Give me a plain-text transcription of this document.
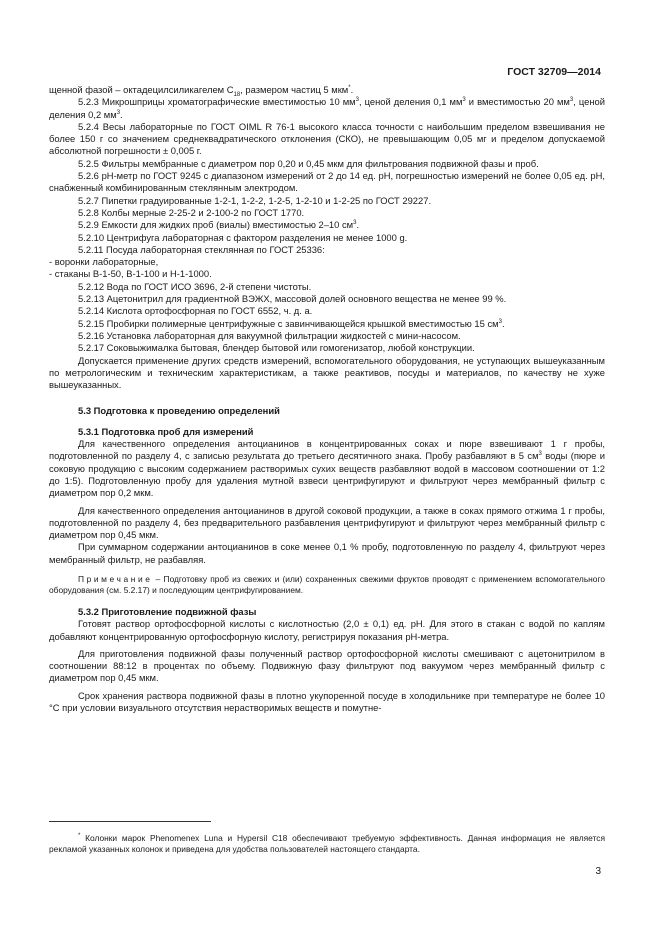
ГОСТ 32709—2014

щенной фазой – октадецилсиликагелем $С_{18}$, размером частиц 5 мкм*.

5.2.3 Микрошприцы хроматографические вместимостью 10 $мм^3$, ценой деления 0,1 $мм^3$ и вместимостью 20 $мм^3$, ценой деления 0,2 $мм^3$.

5.2.4 Весы лабораторные по ГОСТ OIML R 76-1 высокого класса точности с наибольшим пределом взвешивания не более 150 г со значением среднеквадратического отклонения (СКО), не превышающим 0,05 мг и пределом допускаемой абсолютной погрешности ± 0,005 г.

5.2.5 Фильтры мембранные с диаметром пор 0,20 и 0,45 мкм для фильтрования подвижной фазы и проб.

5.2.6 рН-метр по ГОСТ 9245 с диапазоном измерений от 2 до 14 ед. рН, погрешностью измерений не более 0,05 ед. рН, снабженный комбинированным стеклянным электродом.

5.2.7 Пипетки градуированные 1-2-1, 1-2-2, 1-2-5, 1-2-10 и 1-2-25 по ГОСТ 29227.

5.2.8 Колбы мерные 2-25-2 и 2-100-2 по ГОСТ 1770.

5.2.9 Емкости для жидких проб (виалы) вместимостью 2–10 $см^3$.

5.2.10 Центрифуга лабораторная с фактором разделения не менее 1000 g.

5.2.11 Посуда лабораторная стеклянная по ГОСТ 25336:

- воронки лабораторные,

- стаканы В-1-50, В-1-100 и Н-1-1000.

5.2.12 Вода по ГОСТ ИСО 3696, 2-й степени чистоты.

5.2.13 Ацетонитрил для градиентной ВЭЖХ, массовой долей основного вещества не менее 99 %.

5.2.14 Кислота ортофосфорная по ГОСТ 6552, ч. д. а.

5.2.15 Пробирки полимерные центрифужные с завинчивающейся крышкой вместимостью 15 $см^3$.

5.2.16 Установка лабораторная для вакуумной фильтрации жидкостей с мини-насосом.

5.2.17 Соковыжималка бытовая, блендер бытовой или гомогенизатор, любой конструкции.

Допускается применение других средств измерений, вспомогательного оборудования, не уступающих вышеуказанным по метрологическим и техническим характеристикам, а также реактивов, посуды и материалов, по качеству не хуже вышеуказанных.

5.3 Подготовка к проведению определений

5.3.1 Подготовка проб для измерений

Для качественного определения антоцианинов в концентрированных соках и пюре взвешивают 1 г пробы, подготовленной по разделу 4, с записью результата до третьего десятичного знака. Пробу разбавляют в 5 $см^3$ воды (пюре и соковую продукцию с высоким содержанием растворимых сухих веществ разбавляют водой в массовом соотношении от 1:2 до 1:5). Подготовленную пробу для удаления мутной взвеси центрифугируют и фильтруют через мембранный фильтр с диаметром пор 0,2 мкм.

Для качественного определения антоцианинов в другой соковой продукции, а также в соках прямого отжима 1 г пробы, подготовленной по разделу 4, без предварительного разбавления центрифугируют и фильтруют через мембранный фильтр с диаметром пор 0,45 мкм.

При суммарном содержании антоцианинов в соке менее 0,1 % пробу, подготовленную по разделу 4, фильтруют через мембранный фильтр, не разбавляя.

Примечание – Подготовку проб из свежих и (или) сохраненных свежими фруктов проводят с применением вспомогательного оборудования (см. 5.2.17) и последующим центрифугированием.

5.3.2 Приготовление подвижной фазы

Готовят раствор ортофосфорной кислоты с кислотностью (2,0 ± 0,1) ед. рН. Для этого в стакан с водой по каплям добавляют концентрированную ортофосфорную кислоту, регистрируя показания рН-метра.

Для приготовления подвижной фазы полученный раствор ортофосфорной кислоты смешивают с ацетонитрилом в соотношении 88:12 в процентах по объему. Подвижную фазу фильтруют под вакуумом через мембранный фильтр с диаметром пор 0,45 мкм.

Срок хранения раствора подвижной фазы в плотно укупоренной посуде в холодильнике при температуре не более 10 °С при условии визуального отсутствия нерастворимых веществ и помутне-

* Колонки марок Phenomenex Luna и Hypersil C18 обеспечивают требуемую эффективность. Данная информация не является рекламой указанных колонок и приведена для удобства пользователей настоящего стандарта.

3
